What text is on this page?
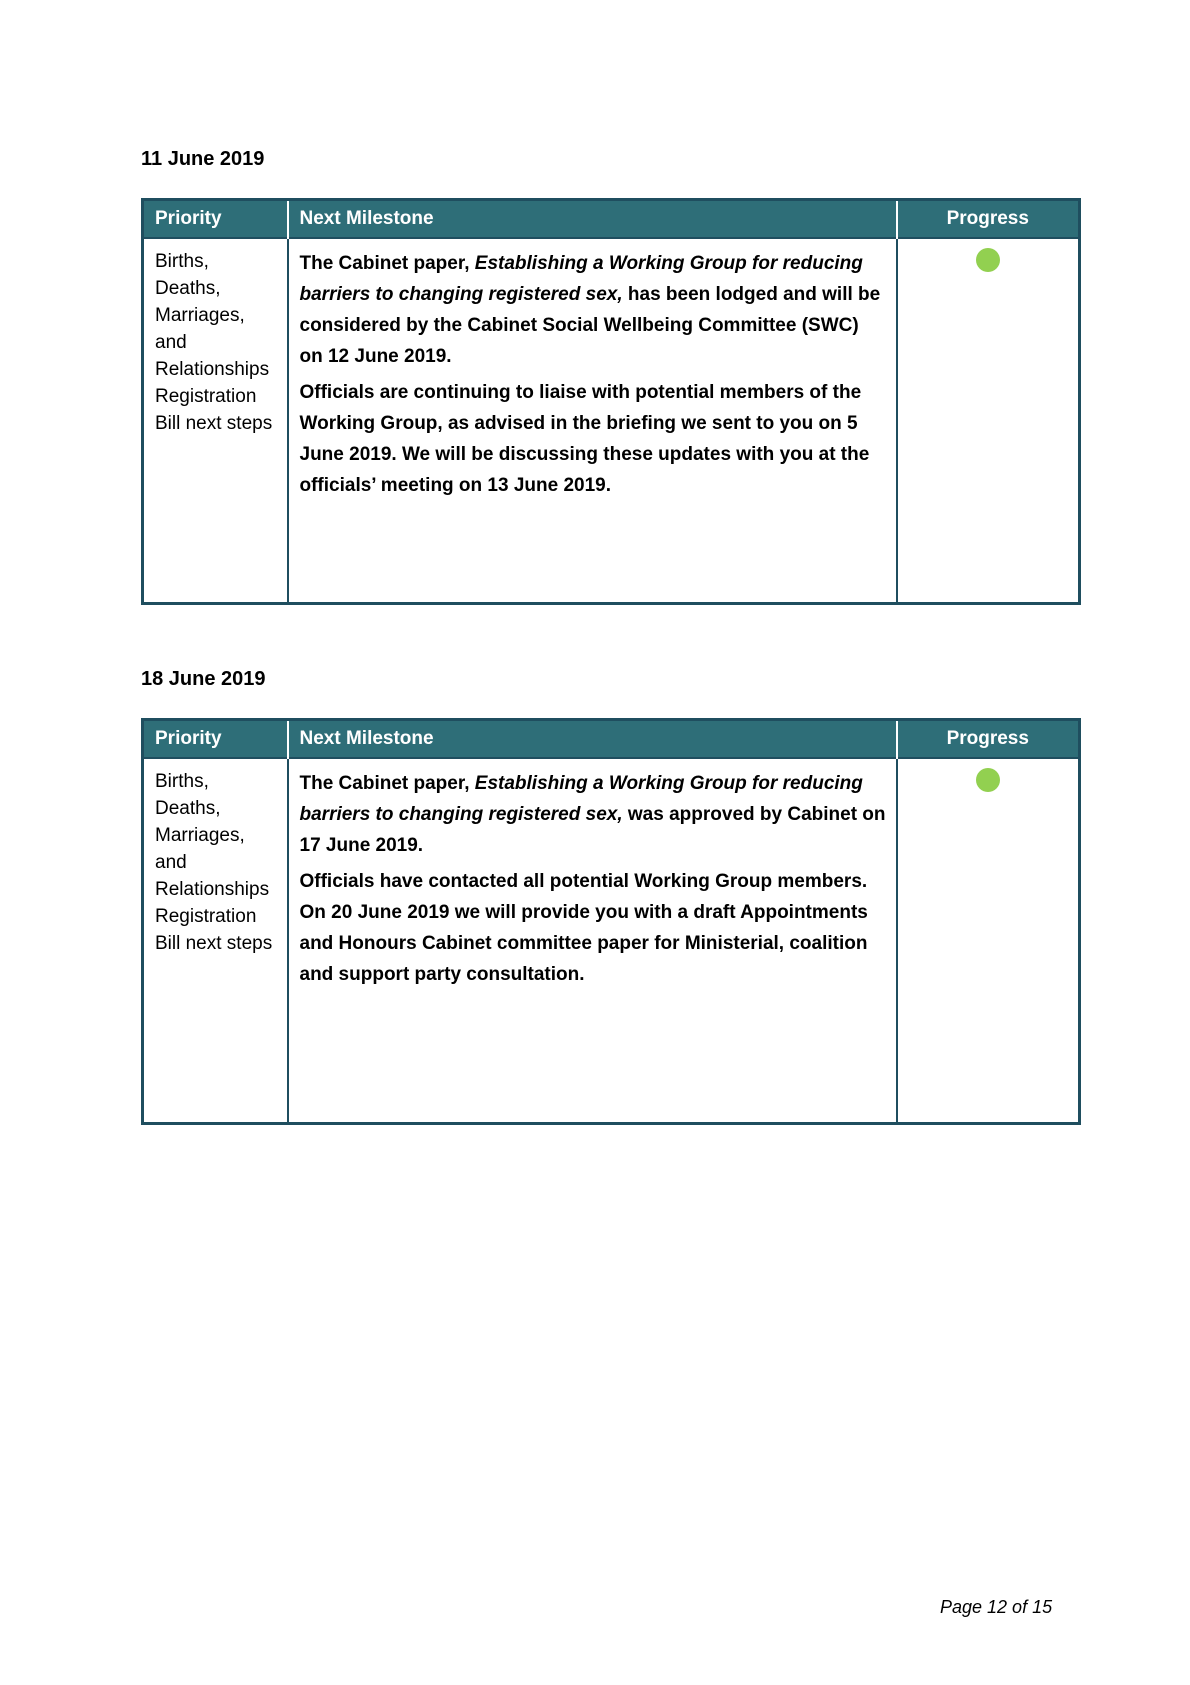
11 June 2019
Priority	Next Milestone	Progress
Births, Deaths, Marriages, and Relationships Registration Bill next steps	The Cabinet paper, Establishing a Working Group for reducing barriers to changing registered sex, has been lodged and will be considered by the Cabinet Social Wellbeing Committee (SWC) on 12 June 2019.

Officials are continuing to liaise with potential members of the Working Group, as advised in the briefing we sent to you on 5 June 2019. We will be discussing these updates with you at the officials’ meeting on 13 June 2019.	

18 June 2019
Priority	Next Milestone	Progress
Births, Deaths, Marriages, and Relationships Registration Bill next steps	The Cabinet paper, Establishing a Working Group for reducing barriers to changing registered sex, was approved by Cabinet on 17 June 2019.

Officials have contacted all potential Working Group members. On 20 June 2019 we will provide you with a draft Appointments and Honours Cabinet committee paper for Ministerial, coalition and support party consultation.	

Page 12 of 15
